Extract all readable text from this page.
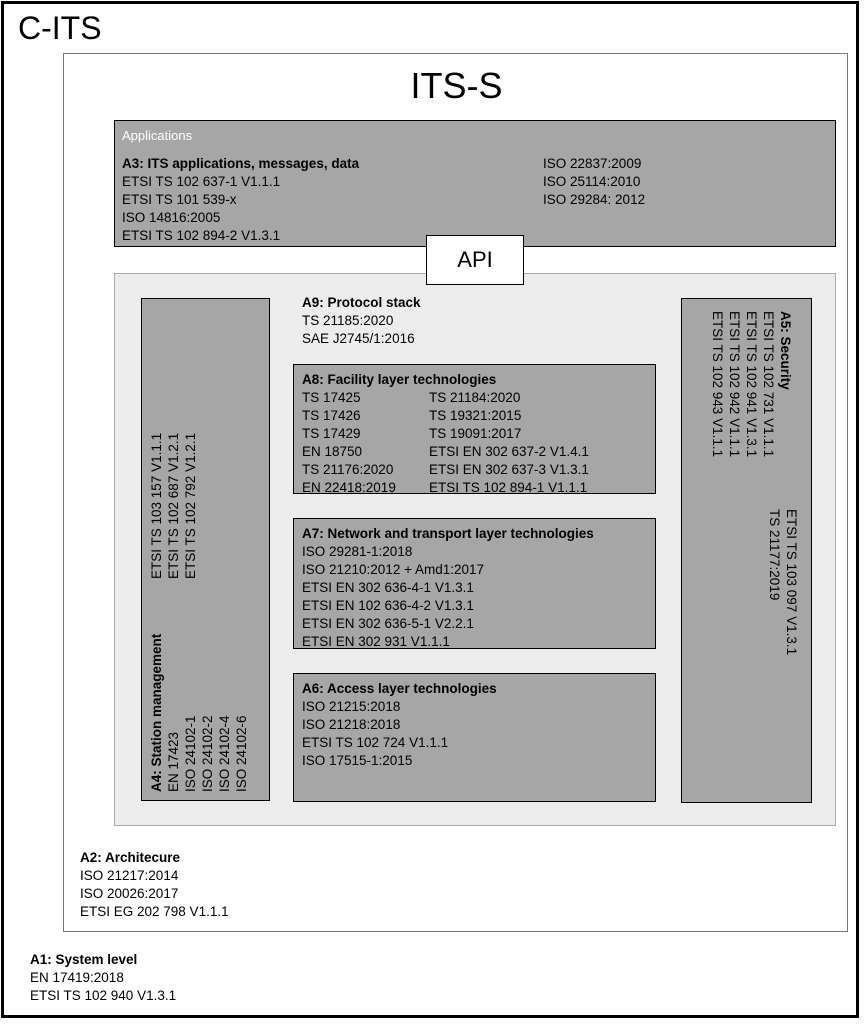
C-ITS
ITS-S
Applications
A3: ITS applications, messages, data
ETSI TS 102 637-1 V1.1.1
ETSI TS 101 539-x
ISO 14816:2005
ETSI TS 102 894-2 V1.3.1
ISO 22837:2009
ISO 25114:2010
ISO 29284: 2012
API
A9: Protocol stack
TS 21185:2020
SAE J2745/1:2016
A8: Facility layer technologies
TS 17425
TS 17426
TS 17429
EN 18750
TS 21176:2020
EN 22418:2019TS 21184:2020
TS 19321:2015
TS 19091:2017
ETSI EN 302 637-2 V1.4.1
ETSI EN 302 637-3 V1.3.1
ETSI TS 102 894-1 V1.1.1
A7: Network and transport layer technologies
ISO 29281-1:2018
ISO 21210:2012 + Amd1:2017
ETSI EN 302 636-4-1 V1.3.1
ETSI EN 102 636-4-2 V1.3.1
ETSI EN 302 636-5-1 V2.2.1
ETSI EN 302 931 V1.1.1
A6: Access layer technologies
ISO 21215:2018
ISO 21218:2018
ETSI TS 102 724 V1.1.1
ISO 17515-1:2015
A4: Station management EN 17423 ISO 24102-1 ISO 24102-2 ISO 24102-4 ISO 24102-6
ETSI TS 103 157 V1.1.1 ETSI TS 102 687 V1.2.1 ETSI TS 102 792 V1.2.1
A5: Security
ETSI TS 102 731 V1.1.1
ETSI TS 102 941 V1.3.1
ETSI TS 102 942 V1.1.1
ETSI TS 102 943 V1.1.1
ETSI TS 103 097 V1.3.1
TS 21177:2019
A2: Architecure
ISO 21217:2014
ISO 20026:2017
ETSI EG 202 798 V1.1.1
A1: System level
EN 17419:2018
ETSI TS 102 940 V1.3.1
